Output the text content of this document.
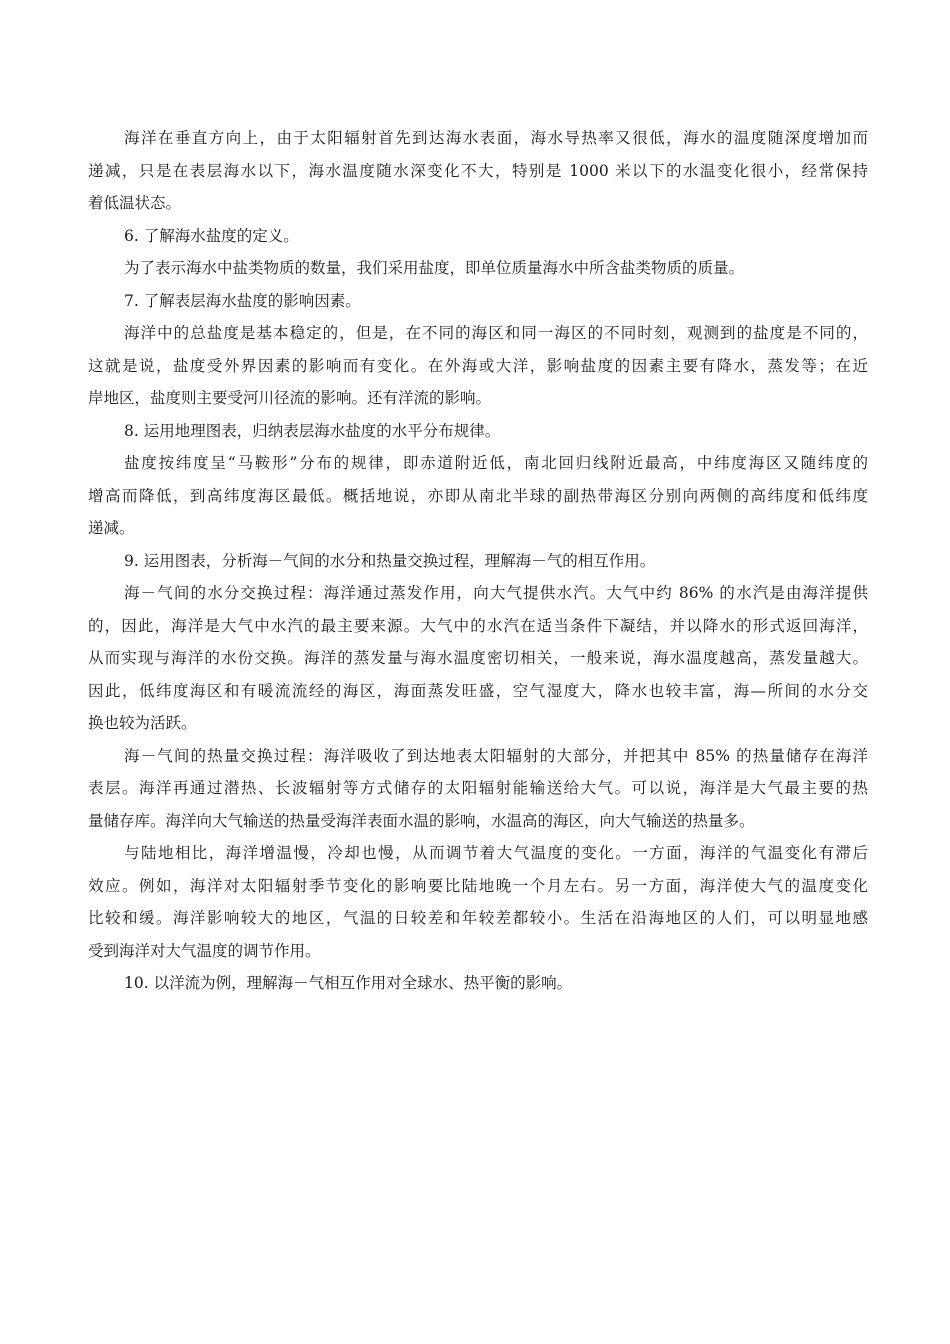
海洋在垂直方向上，由于太阳辐射首先到达海水表面，海水导热率又很低，海水的温度随深度增加而
递减，只是在表层海水以下，海水温度随水深变化不大，特别是 1000 米以下的水温变化很小，经常保持
着低温状态。
6. 了解海水盐度的定义。
为了表示海水中盐类物质的数量，我们采用盐度，即单位质量海水中所含盐类物质的质量。
7. 了解表层海水盐度的影响因素。
海洋中的总盐度是基本稳定的，但是，在不同的海区和同一海区的不同时刻，观测到的盐度是不同的，
这就是说，盐度受外界因素的影响而有变化。在外海或大洋，影响盐度的因素主要有降水，蒸发等；在近
岸地区，盐度则主要受河川径流的影响。还有洋流的影响。
8. 运用地理图表，归纳表层海水盐度的水平分布规律。
盐度按纬度呈“马鞍形”分布的规律，即赤道附近低，南北回归线附近最高，中纬度海区又随纬度的
增高而降低，到高纬度海区最低。概括地说，亦即从南北半球的副热带海区分别向两侧的高纬度和低纬度
递减。
9. 运用图表，分析海－气间的水分和热量交换过程，理解海－气的相互作用。
海－气间的水分交换过程：海洋通过蒸发作用，向大气提供水汽。大气中约 86% 的水汽是由海洋提供
的，因此，海洋是大气中水汽的最主要来源。大气中的水汽在适当条件下凝结，并以降水的形式返回海洋，
从而实现与海洋的水份交换。海洋的蒸发量与海水温度密切相关，一般来说，海水温度越高，蒸发量越大。
因此，低纬度海区和有暖流流经的海区，海面蒸发旺盛，空气湿度大，降水也较丰富，海—所间的水分交
换也较为活跃。
海－气间的热量交换过程：海洋吸收了到达地表太阳辐射的大部分，并把其中 85% 的热量储存在海洋
表层。海洋再通过潜热、长波辐射等方式储存的太阳辐射能输送给大气。可以说，海洋是大气最主要的热
量储存库。海洋向大气输送的热量受海洋表面水温的影响，水温高的海区，向大气输送的热量多。
与陆地相比，海洋增温慢，冷却也慢，从而调节着大气温度的变化。一方面，海洋的气温变化有滞后
效应。例如，海洋对太阳辐射季节变化的影响要比陆地晚一个月左右。另一方面，海洋使大气的温度变化
比较和缓。海洋影响较大的地区，气温的日较差和年较差都较小。生活在沿海地区的人们，可以明显地感
受到海洋对大气温度的调节作用。
10. 以洋流为例，理解海－气相互作用对全球水、热平衡的影响。
